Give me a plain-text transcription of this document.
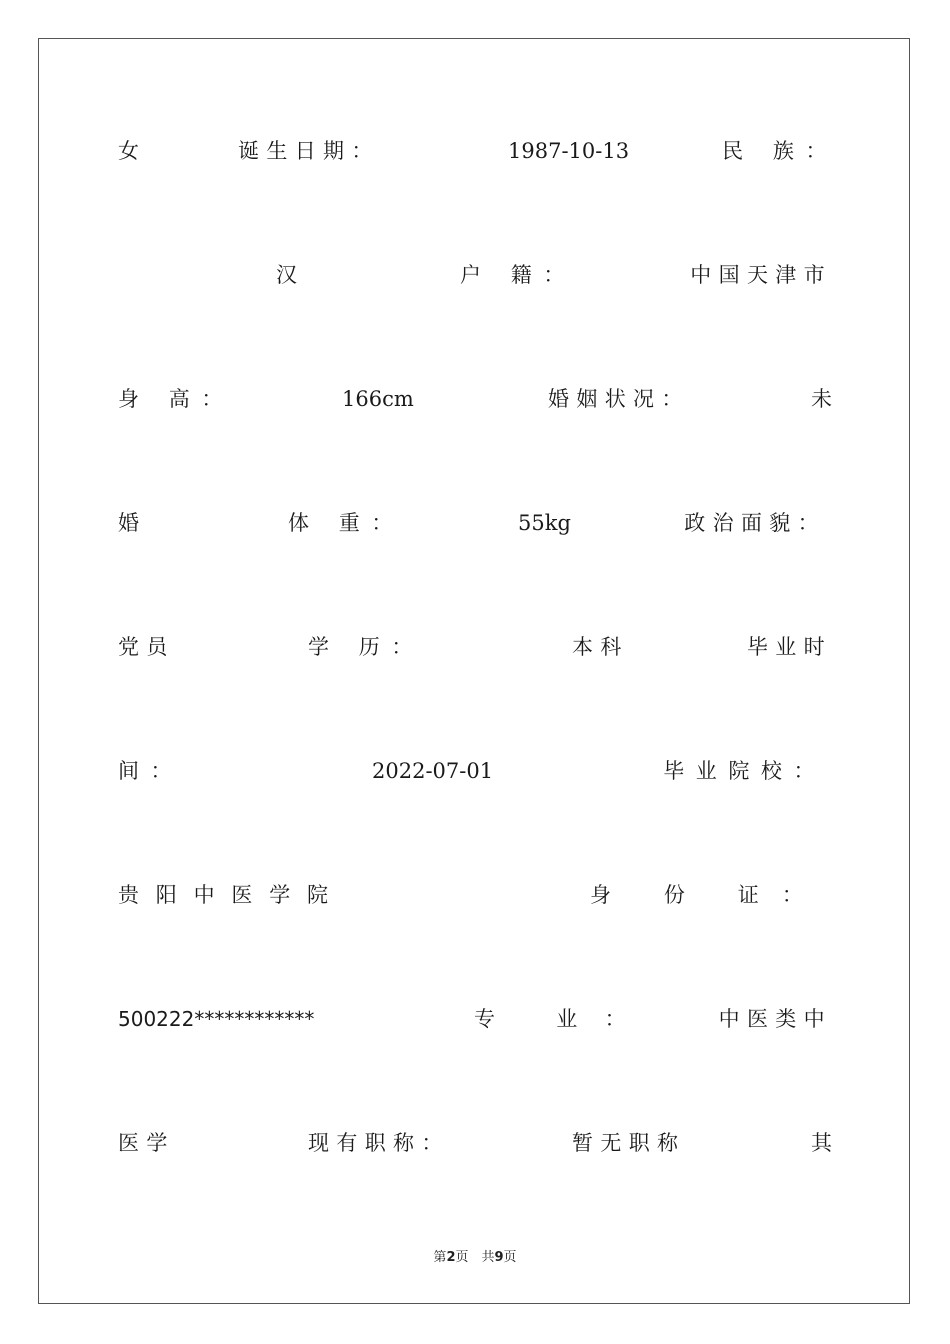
女	诞生日期：	1987-10-13	民 族：
汉	户 籍：	中国天津市
身 高：	166cm	婚姻状况：	未
婚	体 重：	55kg	政治面貌：
党员	学 历：	本科	毕业时
间：	2022-07-01	毕业院校：
贵阳中医学院	身 份 证：
500222************	专 业：	中医类中
医学	现有职称：	暂无职称	其
第2页　共9页
